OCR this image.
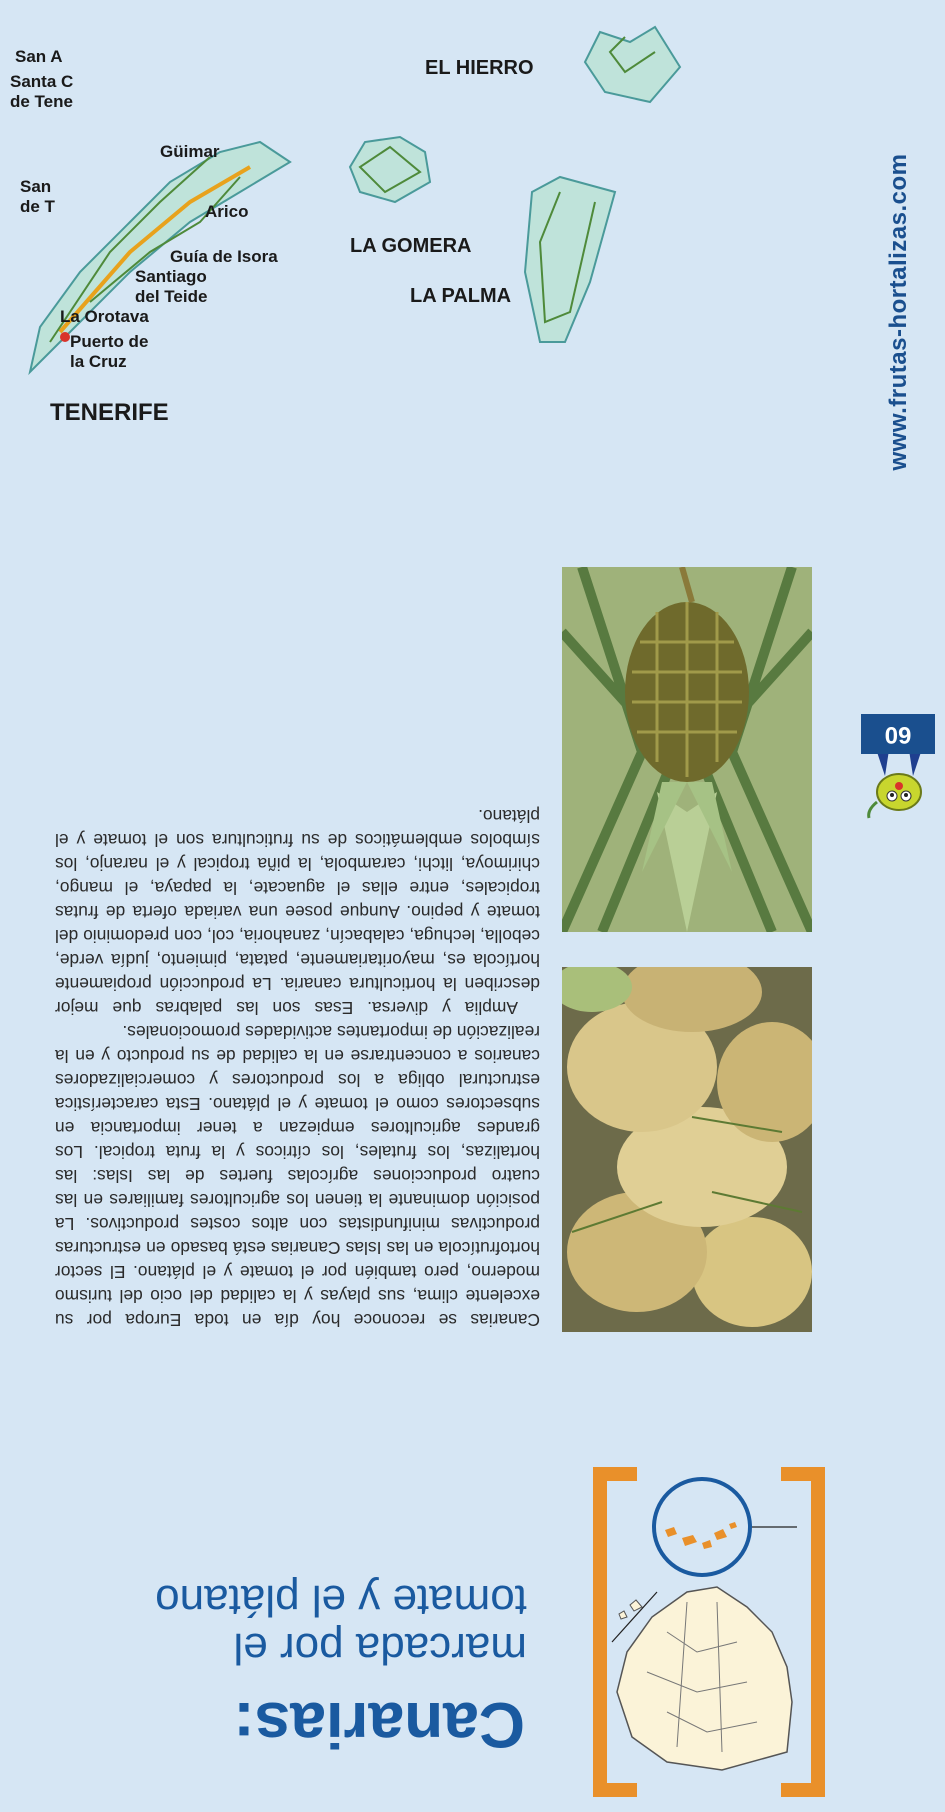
60
www.frutas-hortalizas.com
Canarias:
marcada por el tomate y el plátano

Canarias se reconoce hoy día en toda Europa por su excelente clima, sus playas y la calidad del ocio del turismo moderno, pero también por el tomate y el plátano. El sector hortofrutícola en las Islas Canarias está basado en estructuras productivas minifundistas con altos costes productivos. La posición dominante la tienen los agricultores familiares en las cuatro producciones agrícolas fuertes de las Islas: las hortalizas, los frutales, los cítricos y la fruta tropical. Los grandes agricultores empiezan a tener importancia en subsectores como el tomate y el plátano. Esta característica estructural obliga a los productores y comercializadores canarios a concentrarse en la calidad de su producto y en la realización de importantes actividades promocionales.

Amplia y diversa. Esas son las palabras que mejor describen la horticultura canaria. La producción propiamente hortícola es, mayoritariamente, patata, pimiento, judía verde, cebolla, lechuga, calabacín, zanahoria, col, con predominio del tomate y pepino. Aunque posee una variada oferta de frutas tropicales, entre ellas el aguacate, la papaya, el mango, chirimoya, litchi, carambola, la piña tropical y el naranjo, los símbolos emblemáticos de su fruticultura son el tomate y el plátano.

EL HIERRO
LA GOMERA
LA PALMA
TENERIFE
Guía de Isora
Santiago
del Teide
La Orotava
Puerto de
la Cruz
Arico
Güimar
Santa C
de Tene
San A
San
de T
